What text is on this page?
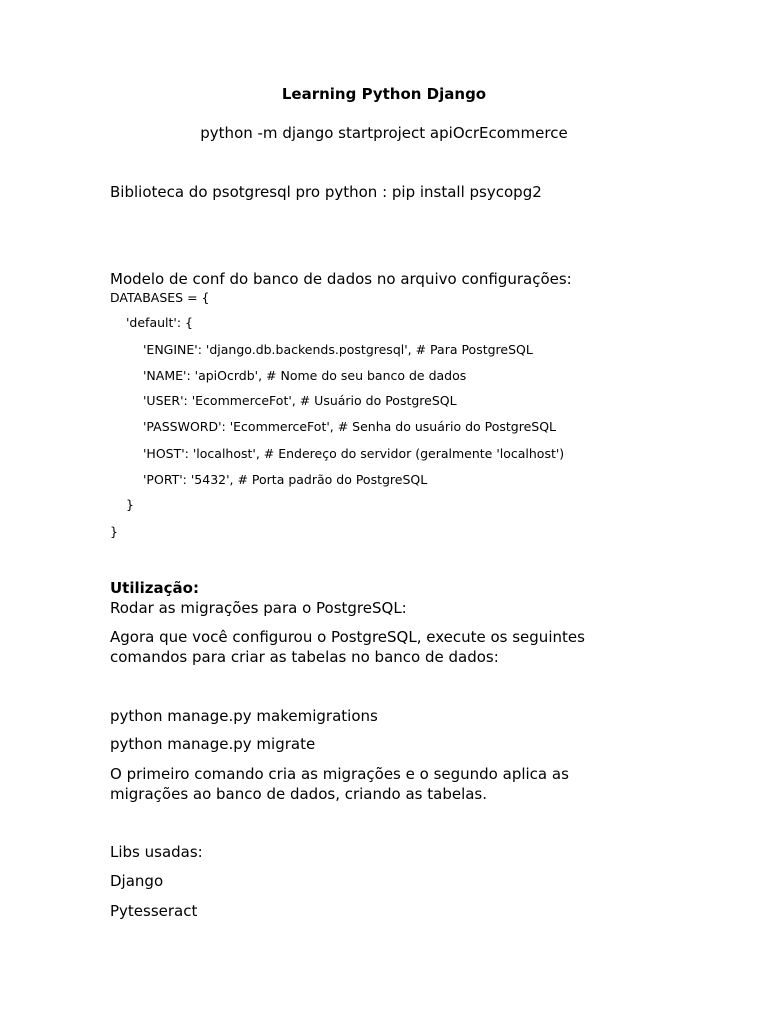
Learning Python Django
python -m django startproject apiOcrEcommerce
Biblioteca do psotgresql pro python : pip install psycopg2
Modelo de conf do banco de dados no arquivo configurações:
DATABASES = {
'default': {
'ENGINE': 'django.db.backends.postgresql', # Para PostgreSQL
'NAME': 'apiOcrdb', # Nome do seu banco de dados
'USER': 'EcommerceFot', # Usuário do PostgreSQL
'PASSWORD': 'EcommerceFot', # Senha do usuário do PostgreSQL
'HOST': 'localhost', # Endereço do servidor (geralmente 'localhost')
'PORT': '5432', # Porta padrão do PostgreSQL
}
}
Utilização:
Rodar as migrações para o PostgreSQL:
Agora que você configurou o PostgreSQL, execute os seguintes
comandos para criar as tabelas no banco de dados:
python manage.py makemigrations
python manage.py migrate
O primeiro comando cria as migrações e o segundo aplica as
migrações ao banco de dados, criando as tabelas.
Libs usadas:
Django
Pytesseract
